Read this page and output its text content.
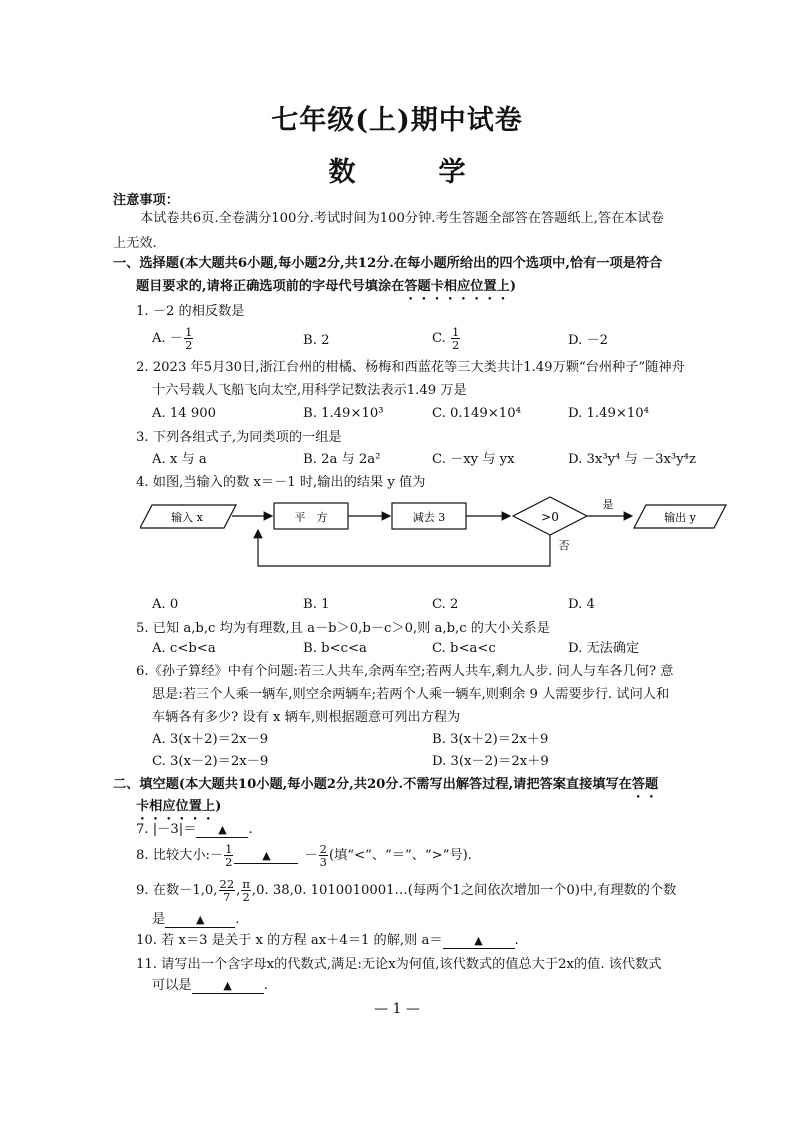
七年级(上)期中试卷
数　学
注意事项：
本试卷共6页.全卷满分100分.考试时间为100分钟.考生答题全部答在答题纸上,答在本试卷
上无效.
一、选择题(本大题共6小题,每小题2分,共12分.在每小题所给出的四个选项中,恰有一项是符合
题目要求的,请将正确选项前的字母代号填涂在答题卡相应位置上)
1. －2 的相反数是
A. － $\frac{1}{2}$	B. 2	C. $\frac{1}{2}$	D. －2
2. 2023 年5月30日,浙江台州的柑橘、杨梅和西蓝花等三大类共计1.49万颗“台州种子”随神舟
十六号载人飞船飞向太空,用科学记数法表示1.49 万是
A. 14 900	B. 1.49×10³	C. 0.149×10⁴	D. 1.49×10⁴
3. 下列各组式子,为同类项的一组是
A. x 与 a	B. 2a 与 2a²	C. －xy 与 yx	D. 3x³y⁴ 与 －3x³y⁴z
4. 如图,当输入的数 x＝－1 时,输出的结果 y 值为
输入 x	平　方	减去 3	>0
是
输出 y
否
A. 0	B. 1	C. 2	D. 4
5. 已知 a,b,c 均为有理数,且 a－b＞0,b－c＞0,则 a,b,c 的大小关系是
A. c<b<a	B. b<c<a	C. b<a<c	D. 无法确定
6.《孙子算经》中有个问题:若三人共车,余两车空;若两人共车,剩九人步. 问人与车各几何? 意
思是:若三个人乘一辆车,则空余两辆车;若两个人乘一辆车,则剩余 9 人需要步行. 试问人和
车辆各有多少? 设有 x 辆车,则根据题意可列出方程为
A. 3(x＋2)＝2x－9	B. 3(x＋2)＝2x＋9
C. 3(x－2)＝2x－9	D. 3(x－2)＝2x＋9
二、填空题(本大题共10小题,每小题2分,共20分.不需写出解答过程,请把答案直接填写在答题
卡相应位置上)
7. |－3|＝ ▲ .
8. 比较大小:－ $\frac{1}{2}$	▲	－ $\frac{2}{3}$ (填“<”、“＝”、“>”号).
9. 在数－1,0, $\frac{22}{7}$ , $\frac{\pi}{2} ,0$. 3̇8̇,0. 1010010001…(每两个1之间依次增加一个0)中,有理数的个数
是	▲ .
10. 若 x＝3 是关于 x 的方程 ax＋4＝1 的解,则 a＝	▲ .
11. 请写出一个含字母x的代数式,满足:无论x为何值,该代数式的值总大于2x的值. 该代数式
可以是	▲ .
— 1 —
